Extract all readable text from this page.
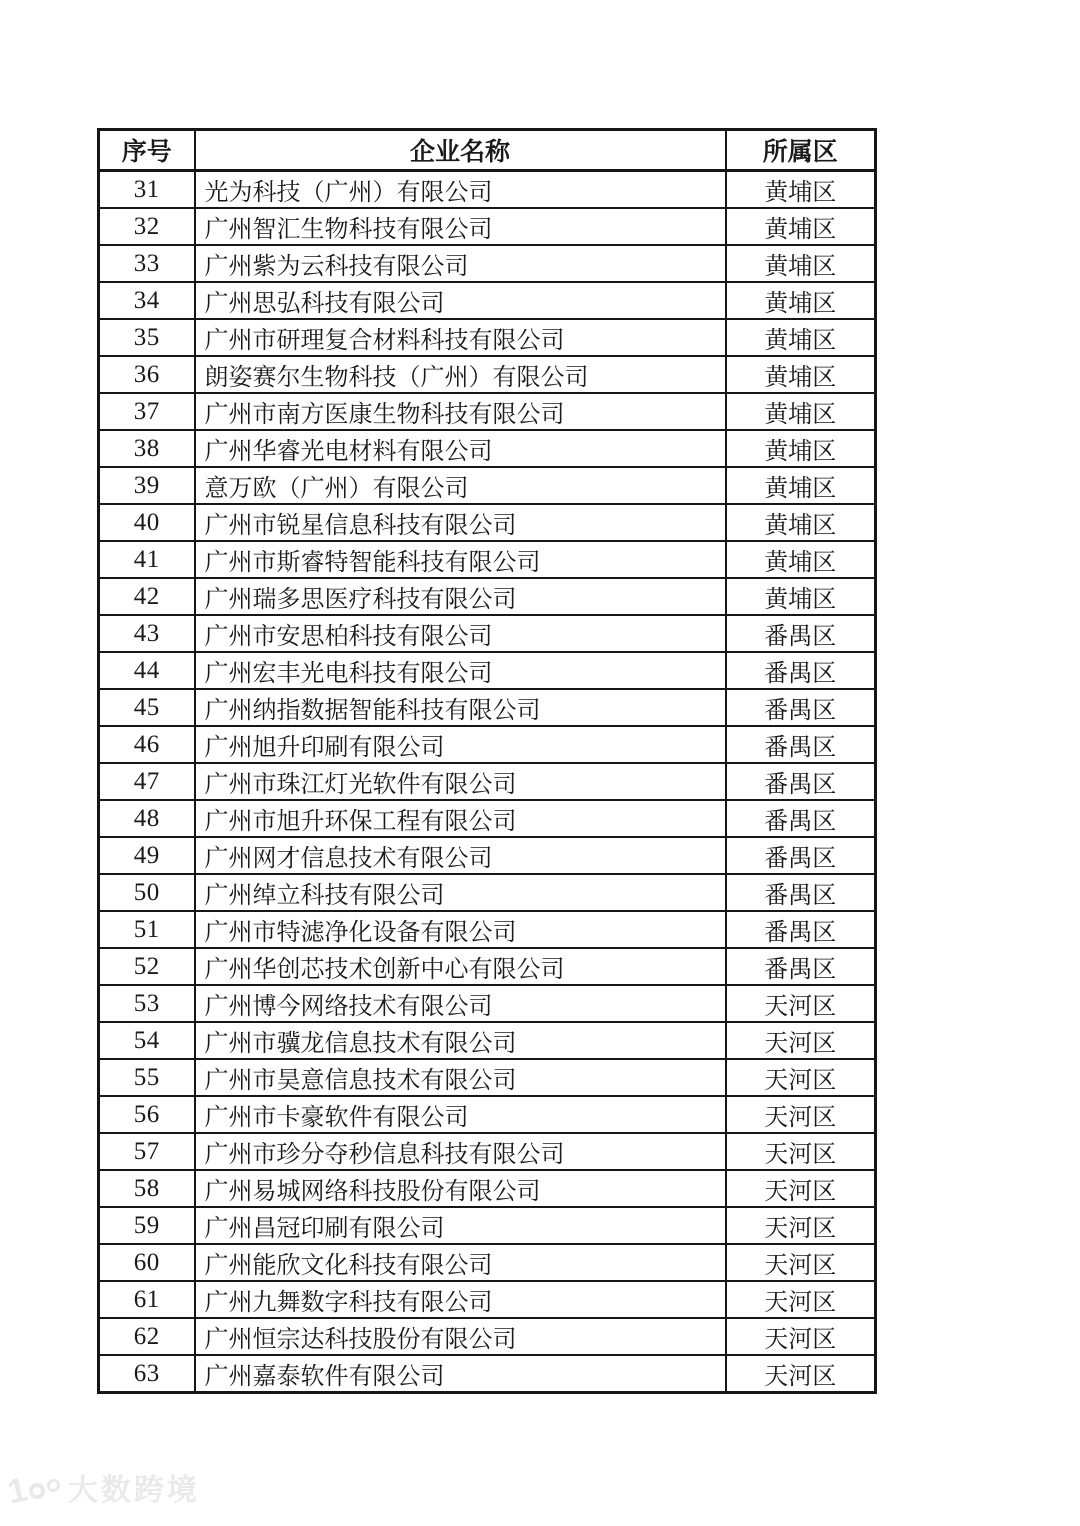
序号	企业名称	所属区
31	光为科技（广州）有限公司	黄埔区
32	广州智汇生物科技有限公司	黄埔区
33	广州紫为云科技有限公司	黄埔区
34	广州思弘科技有限公司	黄埔区
35	广州市研理复合材料科技有限公司	黄埔区
36	朗姿赛尔生物科技（广州）有限公司	黄埔区
37	广州市南方医康生物科技有限公司	黄埔区
38	广州华睿光电材料有限公司	黄埔区
39	意万欧（广州）有限公司	黄埔区
40	广州市锐星信息科技有限公司	黄埔区
41	广州市斯睿特智能科技有限公司	黄埔区
42	广州瑞多思医疗科技有限公司	黄埔区
43	广州市安思柏科技有限公司	番禺区
44	广州宏丰光电科技有限公司	番禺区
45	广州纳指数据智能科技有限公司	番禺区
46	广州旭升印刷有限公司	番禺区
47	广州市珠江灯光软件有限公司	番禺区
48	广州市旭升环保工程有限公司	番禺区
49	广州网才信息技术有限公司	番禺区
50	广州绰立科技有限公司	番禺区
51	广州市特滤净化设备有限公司	番禺区
52	广州华创芯技术创新中心有限公司	番禺区
53	广州博今网络技术有限公司	天河区
54	广州市骥龙信息技术有限公司	天河区
55	广州市昊意信息技术有限公司	天河区
56	广州市卡豪软件有限公司	天河区
57	广州市珍分夺秒信息科技有限公司	天河区
58	广州易城网络科技股份有限公司	天河区
59	广州昌冠印刷有限公司	天河区
60	广州能欣文化科技有限公司	天河区
61	广州九舞数字科技有限公司	天河区
62	广州恒宗达科技股份有限公司	天河区
63	广州嘉泰软件有限公司	天河区
1 大数跨境
